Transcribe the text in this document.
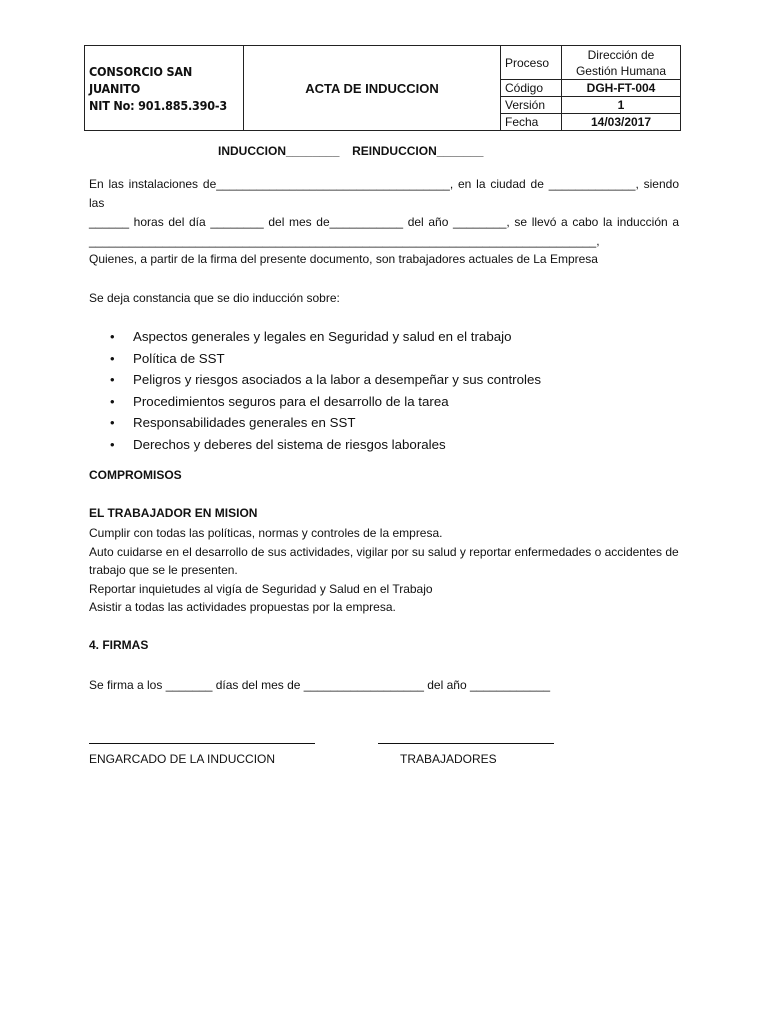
CONSORCIO SAN JUANITO
NIT No: 901.885.390-3	ACTA DE INDUCCION	Proceso	Dirección de Gestión Humana
		Código	DGH-FT-004
		Versión	1
		Fecha	14/03/2017
INDUCCION________ REINDUCCION_______
En las instalaciones de___________________________________, en la ciudad de _____________, siendo las
______ horas del día ________ del mes de___________ del año ________, se llevó a cabo la inducción a
____________________________________________________________________________,
Quienes, a partir de la firma del presente documento, son trabajadores actuales de La Empresa
Se deja constancia que se dio inducción sobre:
• Aspectos generales y legales en Seguridad y salud en el trabajo
• Política de SST
• Peligros y riesgos asociados a la labor a desempeñar y sus controles
• Procedimientos seguros para el desarrollo de la tarea
• Responsabilidades generales en SST
• Derechos y deberes del sistema de riesgos laborales
COMPROMISOS
EL TRABAJADOR EN MISION
Cumplir con todas las políticas, normas y controles de la empresa.
Auto cuidarse en el desarrollo de sus actividades, vigilar por su salud y reportar enfermedades o accidentes de
trabajo que se le presenten.
Reportar inquietudes al vigía de Seguridad y Salud en el Trabajo
Asistir a todas las actividades propuestas por la empresa.
4. FIRMAS
Se firma a los _______ días del mes de __________________ del año ____________
ENGARCADO DE LA INDUCCION	TRABAJADORES
